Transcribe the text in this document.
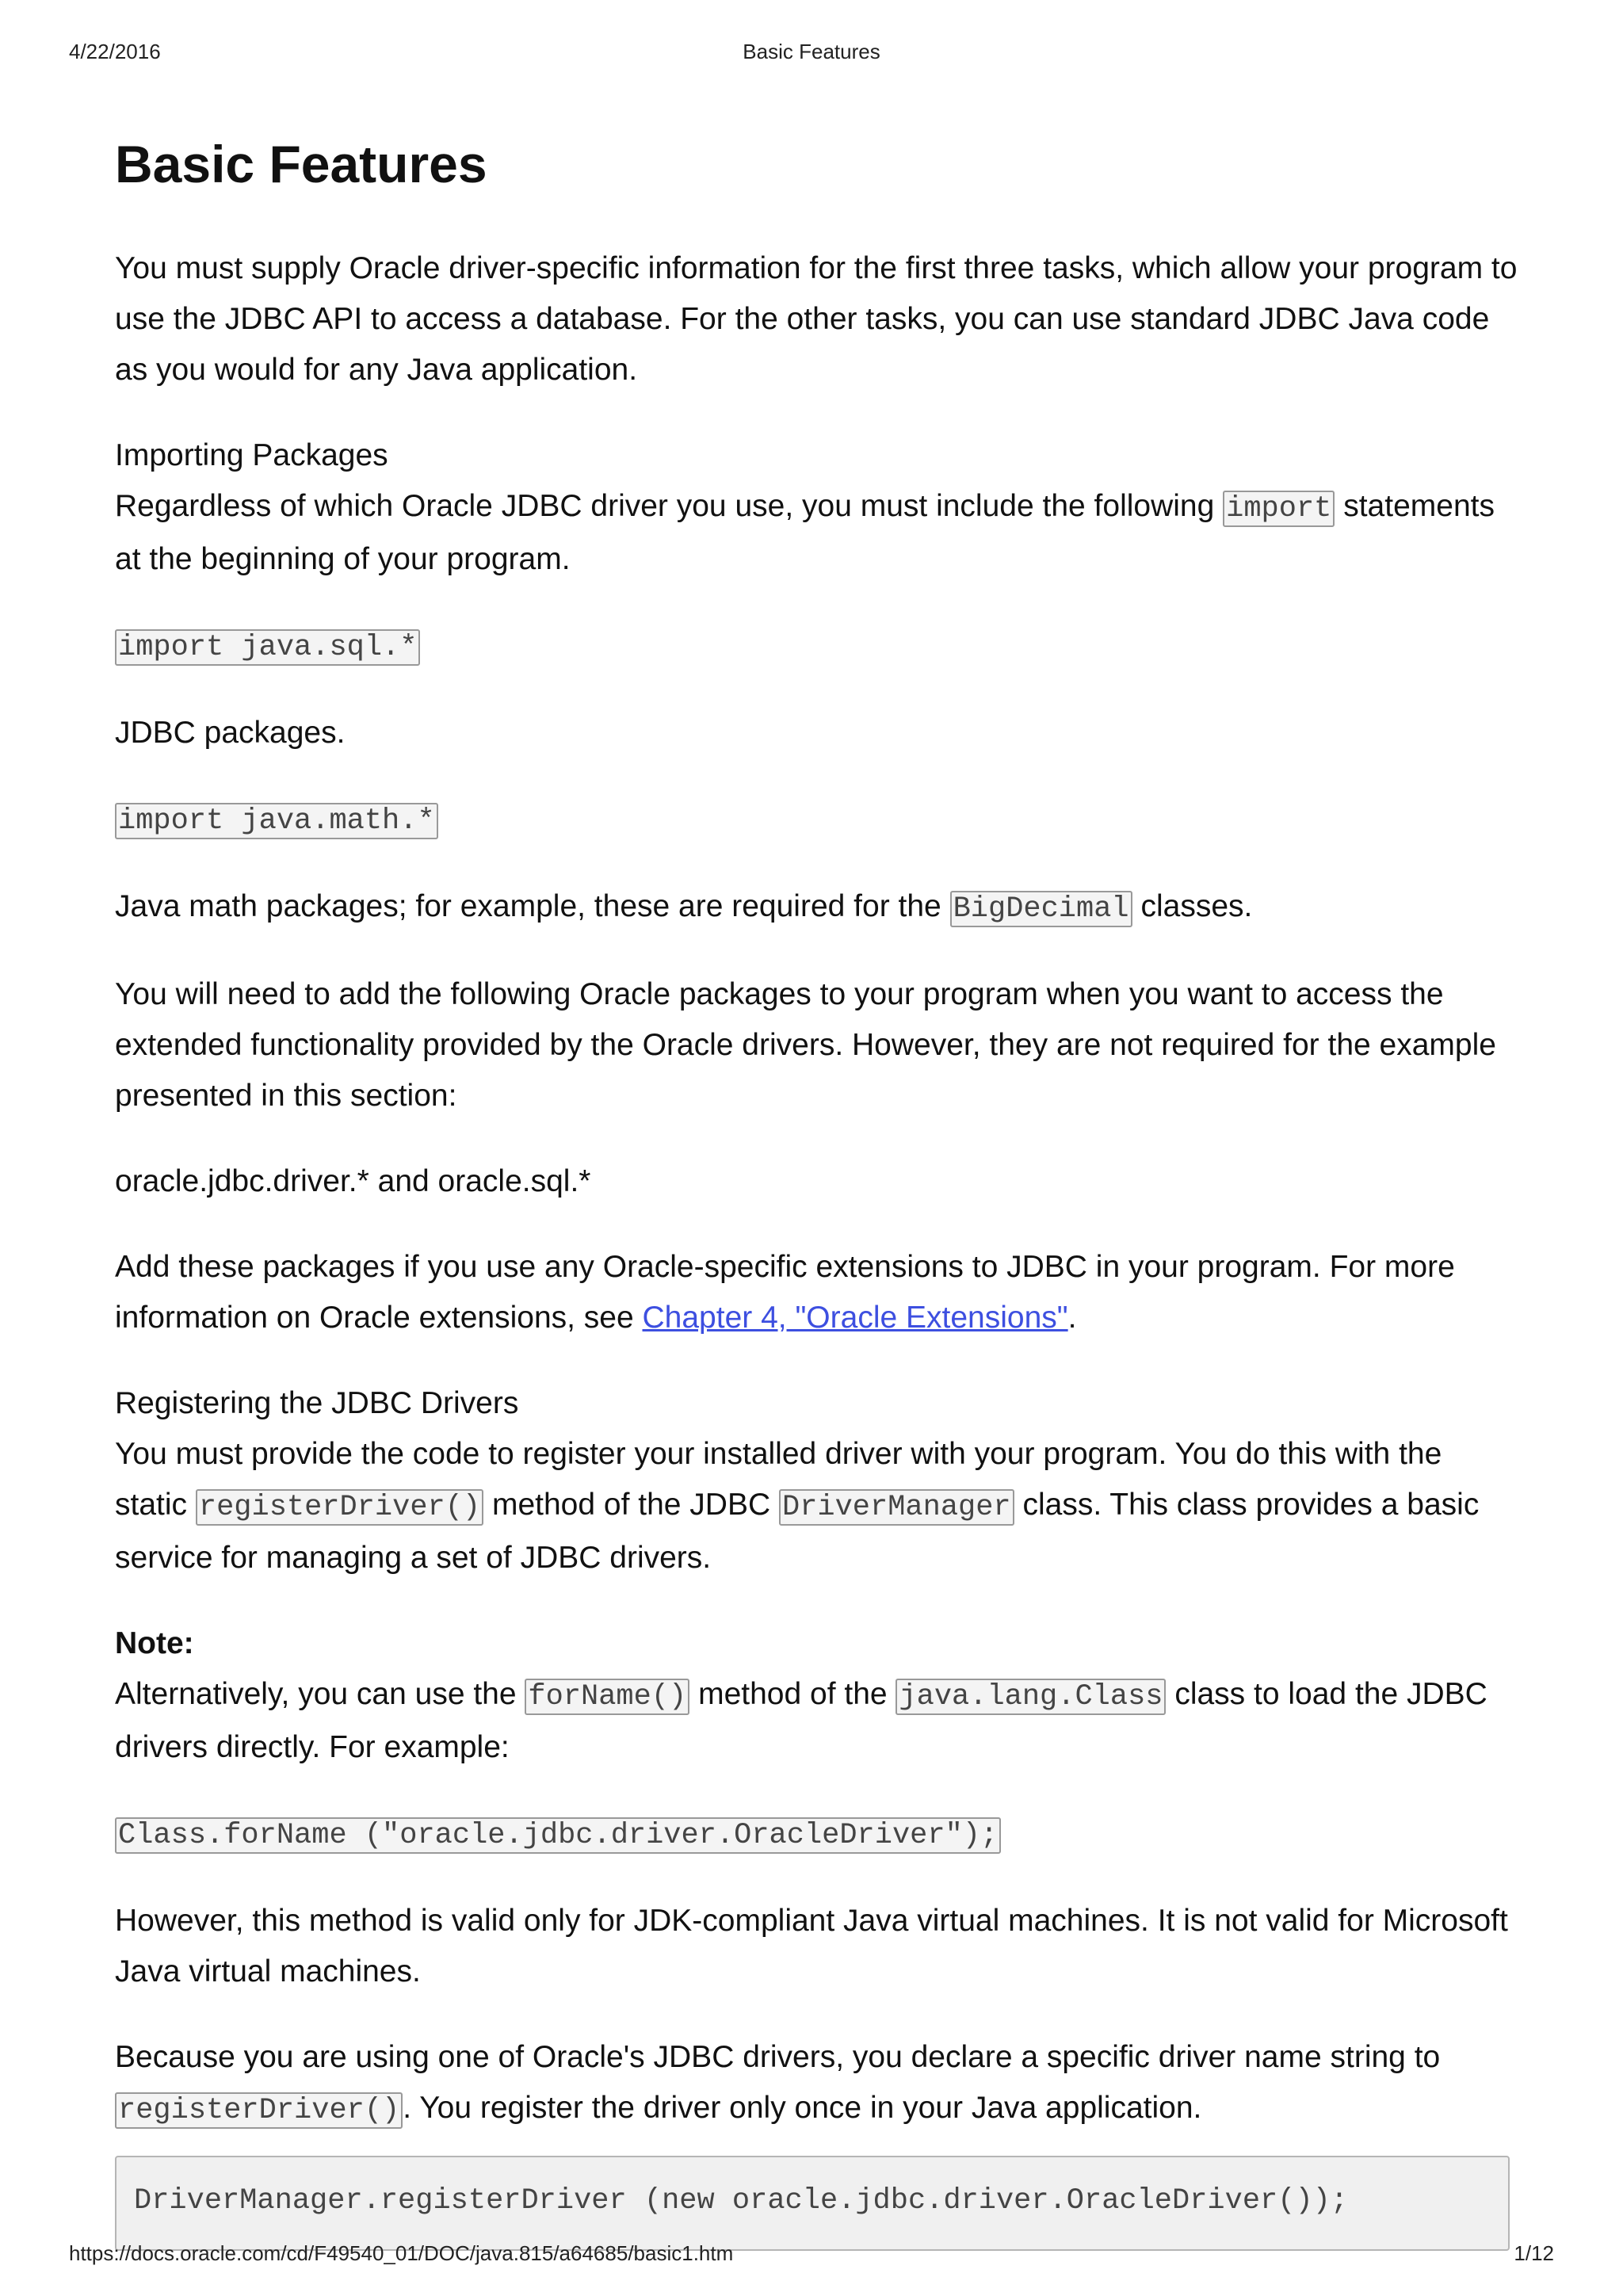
4/22/2016	Basic Features
Basic Features

You must supply Oracle driver-specific information for the first three tasks, which allow your program to use the JDBC API to access a database. For the other tasks, you can use standard JDBC Java code as you would for any Java application.

Importing Packages

Regardless of which Oracle JDBC driver you use, you must include the following import statements at the beginning of your program.

import java.sql.*

JDBC packages.

import java.math.*

Java math packages; for example, these are required for the BigDecimal classes.

You will need to add the following Oracle packages to your program when you want to access the extended functionality provided by the Oracle drivers. However, they are not required for the example presented in this section:

oracle.jdbc.driver.* and oracle.sql.*

Add these packages if you use any Oracle-specific extensions to JDBC in your program. For more information on Oracle extensions, see Chapter 4, "Oracle Extensions".

Registering the JDBC Drivers

You must provide the code to register your installed driver with your program. You do this with the static registerDriver() method of the JDBC DriverManager class. This class provides a basic service for managing a set of JDBC drivers.

Note:

Alternatively, you can use the forName() method of the java.lang.Class class to load the JDBC drivers directly. For example:

Class.forName ("oracle.jdbc.driver.OracleDriver");

However, this method is valid only for JDK-compliant Java virtual machines. It is not valid for Microsoft Java virtual machines.

Because you are using one of Oracle's JDBC drivers, you declare a specific driver name string to registerDriver() . You register the driver only once in your Java application.

DriverManager.registerDriver (new oracle.jdbc.driver.OracleDriver());
https://docs.oracle.com/cd/F49540_01/DOC/java.815/a64685/basic1.htm	1/12
